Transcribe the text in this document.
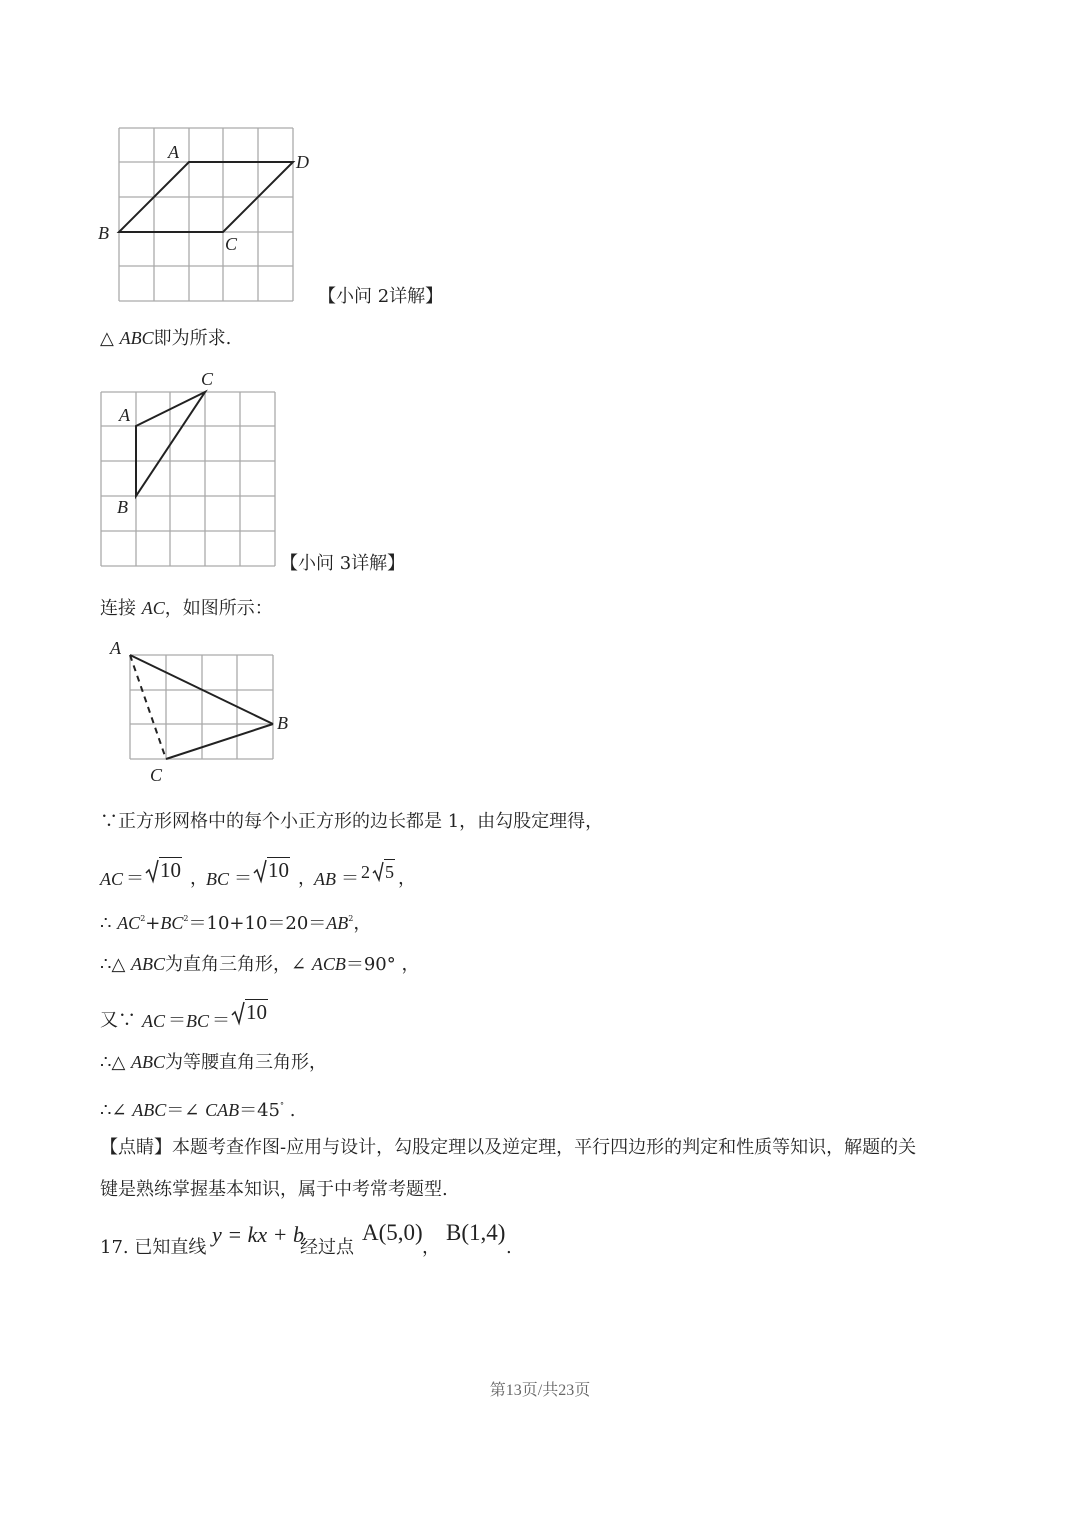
A
B
C
D
【小问 2详解】
△ ABC即为所求.
A
B
C
【小问 3详解】
连接 AC，如图所示：
A
B
C
∵正方形网格中的每个小正方形的边长都是 1，由勾股定理得，
AC ＝ 10 ，
BC ＝ 10 ，
AB ＝ 2 5 ，
∴ $AC^2+BC^2=10+10=20=AB^2$，
∴△ ABC为直角三角形，∠ ACB＝90° ，
又∵ AC ＝ BC ＝ 10
∴△ ABC为等腰直角三角形，
∴∠ ABC＝∠ CAB＝45° .
【点睛】本题考查作图-应用与设计，勾股定理以及逆定理，平行四边形的判定和性质等知识，解题的关
键是熟练掌握基本知识，属于中考常考题型.
17. 已知直线
y = kx + b
经过点
A(5,0)
，
B(1,4)
.
第13页/共23页
